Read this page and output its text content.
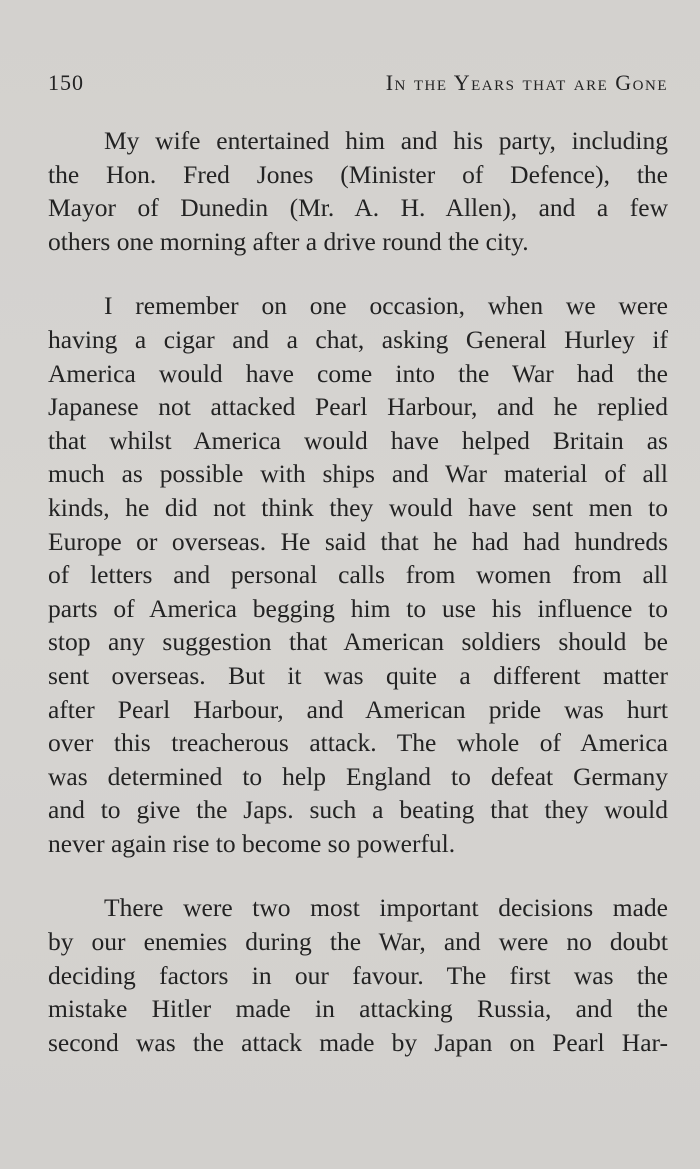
150	In the Years that are Gone

My wife entertained him and his party, including
the Hon. Fred Jones (Minister of Defence), the
Mayor of Dunedin (Mr. A. H. Allen), and a few
others one morning after a drive round the city.

I remember on one occasion, when we were
having a cigar and a chat, asking General Hurley if
America would have come into the War had the
Japanese not attacked Pearl Harbour, and he replied
that whilst America would have helped Britain as
much as possible with ships and War material of all
kinds, he did not think they would have sent men to
Europe or overseas. He said that he had had hundreds
of letters and personal calls from women from all
parts of America begging him to use his influence to
stop any suggestion that American soldiers should be
sent overseas. But it was quite a different matter
after Pearl Harbour, and American pride was hurt
over this treacherous attack. The whole of America
was determined to help England to defeat Germany
and to give the Japs. such a beating that they would
never again rise to become so powerful.

There were two most important decisions made
by our enemies during the War, and were no doubt
deciding factors in our favour. The first was the
mistake Hitler made in attacking Russia, and the
second was the attack made by Japan on Pearl Har-
